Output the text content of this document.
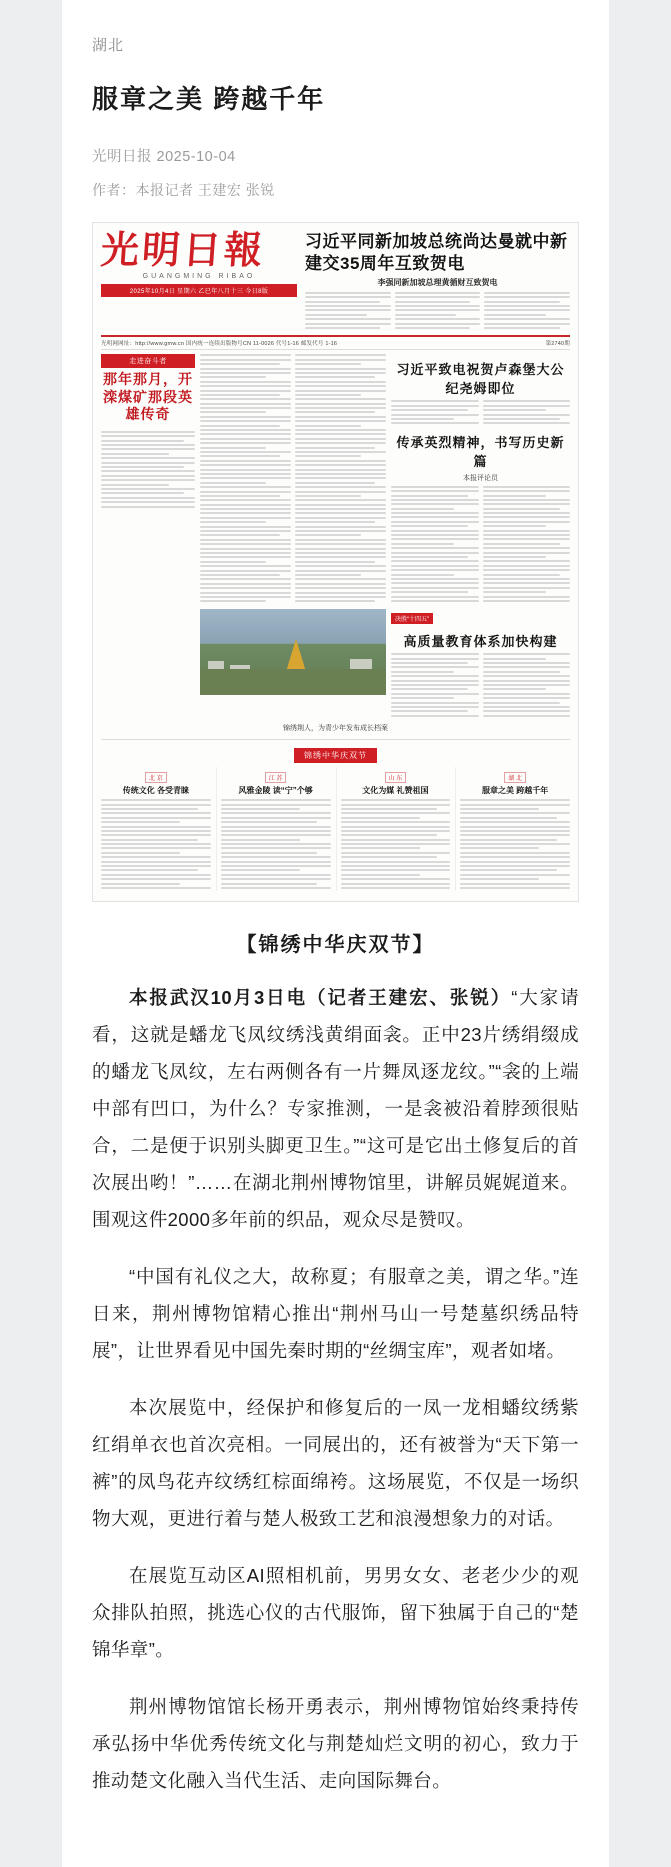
湖北
服章之美 跨越千年
光明日报 2025-10-04
作者：本报记者 王建宏 张锐
光明日報
GUANGMING RIBAO
2025年10月4日 星期六 乙巳年八月十三 今日8版
习近平同新加坡总统尚达曼就中新建交35周年互致贺电
李强同新加坡总理黄循财互致贺电
光明网网址：http://www.gmw.cn 国内统一连续出版物号CN 11-0026 代号1-16 邮发代号 1-16	第2740期
走进奋斗者
那年那月，开滦煤矿那段英雄传奇
习近平致电祝贺卢森堡大公纪尧姆即位
传承英烈精神，书写历史新篇
本报评论员
决胜“十四五”
高质量教育体系加快构建
锦绣荆人，为青少年发布成长档案
锦绣中华庆双节
北 京
传统文化 各受青睐
江 苏
风雅金陵 读“宁”个够
山 东
文化为媒 礼赞祖国
湖 北
服章之美 跨越千年
【锦绣中华庆双节】

本报武汉10月3日电（记者王建宏、张锐）“大家请看，这就是蟠龙飞凤纹绣浅黄绢面衾。正中23片绣绢缀成的蟠龙飞凤纹，左右两侧各有一片舞凤逐龙纹。”“衾的上端中部有凹口，为什么？专家推测，一是衾被沿着脖颈很贴合，二是便于识别头脚更卫生。”“这可是它出土修复后的首次展出哟！”……在湖北荆州博物馆里，讲解员娓娓道来。围观这件2000多年前的织品，观众尽是赞叹。

“中国有礼仪之大，故称夏；有服章之美，谓之华。”连日来，荆州博物馆精心推出“荆州马山一号楚墓织绣品特展”，让世界看见中国先秦时期的“丝绸宝库”，观者如堵。

本次展览中，经保护和修复后的一凤一龙相蟠纹绣紫红绢单衣也首次亮相。一同展出的，还有被誉为“天下第一裤”的凤鸟花卉纹绣红棕面绵袴。这场展览，不仅是一场织物大观，更进行着与楚人极致工艺和浪漫想象力的对话。

在展览互动区AI照相机前，男男女女、老老少少的观众排队拍照，挑选心仪的古代服饰，留下独属于自己的“楚锦华章”。

荆州博物馆馆长杨开勇表示，荆州博物馆始终秉持传承弘扬中华优秀传统文化与荆楚灿烂文明的初心，致力于推动楚文化融入当代生活、走向国际舞台。
